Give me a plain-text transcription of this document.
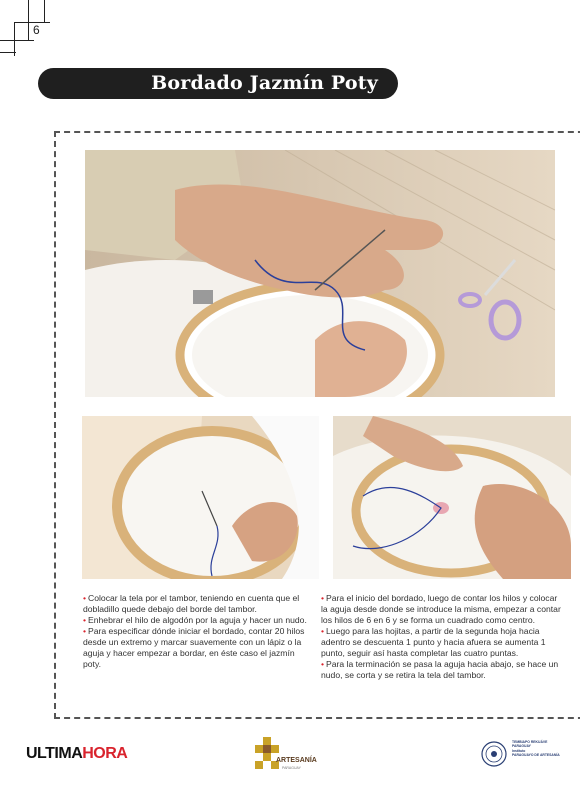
6
Bordado Jazmín Poty

• Colocar la tela por el tambor, teniendo en cuenta que el dobladillo quede debajo del borde del tambor.

• Enhebrar el hilo de algodón por la aguja y hacer un nudo.

• Para especificar dónde iniciar el bordado, contar 20 hilos desde un extremo y marcar suavemente con un lápiz o la aguja y hacer empezar a bordar, en éste caso el jazmín poty.

• Para el inicio del bordado, luego de contar los hilos y colocar la aguja desde donde se introduce la misma, empezar a contar los hilos de 6 en 6 y se forma un cuadrado como centro.

• Luego para las hojitas, a partir de la segunda hoja hacia adentro se descuenta 1 punto y hacia afuera se aumenta 1 punto, seguir así hasta completar las cuatro puntas.

• Para la terminación se pasa la aguja hacia abajo, se hace un nudo, se corta y se retira la tela del tambor.

ULTIMAHORA	ARTESANÍA
PARAGUAY
TEMBIAPO REKUÁVE
PARAGUAY
Instituto
PARAGUAYO DE ARTESANÍA
